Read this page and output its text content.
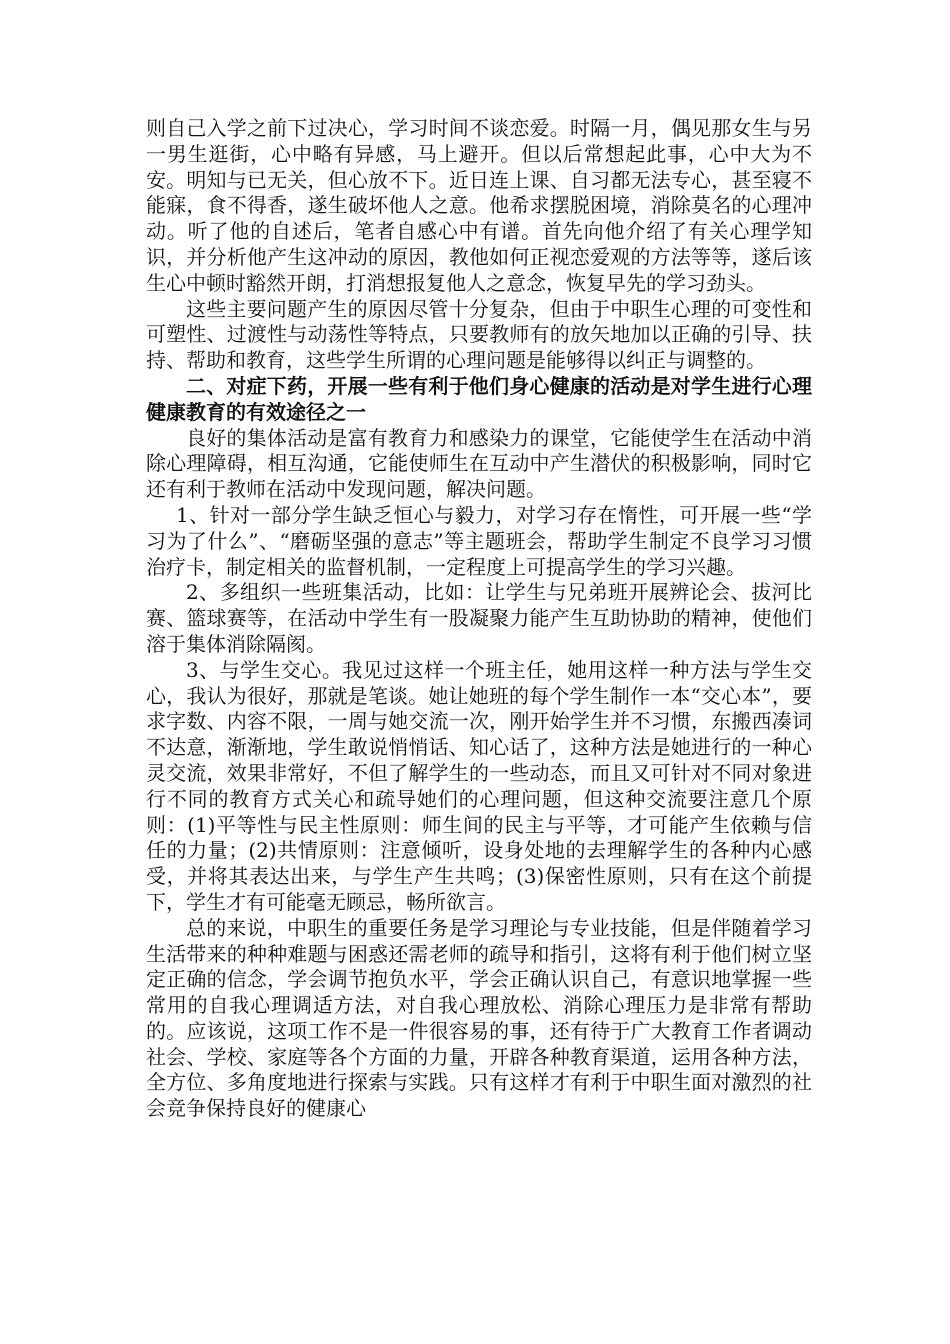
则自己入学之前下过决心，学习时间不谈恋爱。时隔一月，偶见那女生与另一男生逛街，心中略有异感，马上避开。但以后常想起此事，心中大为不安。明知与已无关，但心放不下。近日连上课、自习都无法专心，甚至寝不能寐，食不得香，遂生破坏他人之意。他希求摆脱困境，消除莫名的心理冲动。听了他的自述后，笔者自感心中有谱。首先向他介绍了有关心理学知识，并分析他产生这冲动的原因，教他如何正视恋爱观的方法等等，遂后该生心中顿时豁然开朗，打消想报复他人之意念，恢复早先的学习劲头。

这些主要问题产生的原因尽管十分复杂，但由于中职生心理的可变性和可塑性、过渡性与动荡性等特点，只要教师有的放矢地加以正确的引导、扶持、帮助和教育，这些学生所谓的心理问题是能够得以纠正与调整的。

二、对症下药，开展一些有利于他们身心健康的活动是对学生进行心理健康教育的有效途径之一

良好的集体活动是富有教育力和感染力的课堂，它能使学生在活动中消除心理障碍，相互沟通，它能使师生在互动中产生潜伏的积极影响，同时它还有利于教师在活动中发现问题，解决问题。

1、针对一部分学生缺乏恒心与毅力，对学习存在惰性，可开展一些“学习为了什么”、“磨砺坚强的意志”等主题班会，帮助学生制定不良学习习惯治疗卡，制定相关的监督机制，一定程度上可提高学生的学习兴趣。

2、多组织一些班集活动，比如：让学生与兄弟班开展辨论会、拔河比赛、篮球赛等，在活动中学生有一股凝聚力能产生互助协助的精神，使他们溶于集体消除隔阂。

3、与学生交心。我见过这样一个班主任，她用这样一种方法与学生交心，我认为很好，那就是笔谈。她让她班的每个学生制作一本“交心本”，要求字数、内容不限，一周与她交流一次，刚开始学生并不习惯，东搬西凑词不达意，渐渐地，学生敢说悄悄话、知心话了，这种方法是她进行的一种心灵交流，效果非常好，不但了解学生的一些动态，而且又可针对不同对象进行不同的教育方式关心和疏导她们的心理问题，但这种交流要注意几个原则：(1)平等性与民主性原则：师生间的民主与平等，才可能产生依赖与信任的力量；(2)共情原则：注意倾听，设身处地的去理解学生的各种内心感受，并将其表达出来，与学生产生共鸣；(3)保密性原则，只有在这个前提下，学生才有可能毫无顾忌，畅所欲言。

总的来说，中职生的重要任务是学习理论与专业技能，但是伴随着学习生活带来的种种难题与困惑还需老师的疏导和指引，这将有利于他们树立坚定正确的信念，学会调节抱负水平，学会正确认识自己，有意识地掌握一些常用的自我心理调适方法，对自我心理放松、消除心理压力是非常有帮助的。应该说，这项工作不是一件很容易的事，还有待于广大教育工作者调动社会、学校、家庭等各个方面的力量，开辟各种教育渠道，运用各种方法，全方位、多角度地进行探索与实践。只有这样才有利于中职生面对激烈的社会竞争保持良好的健康心
